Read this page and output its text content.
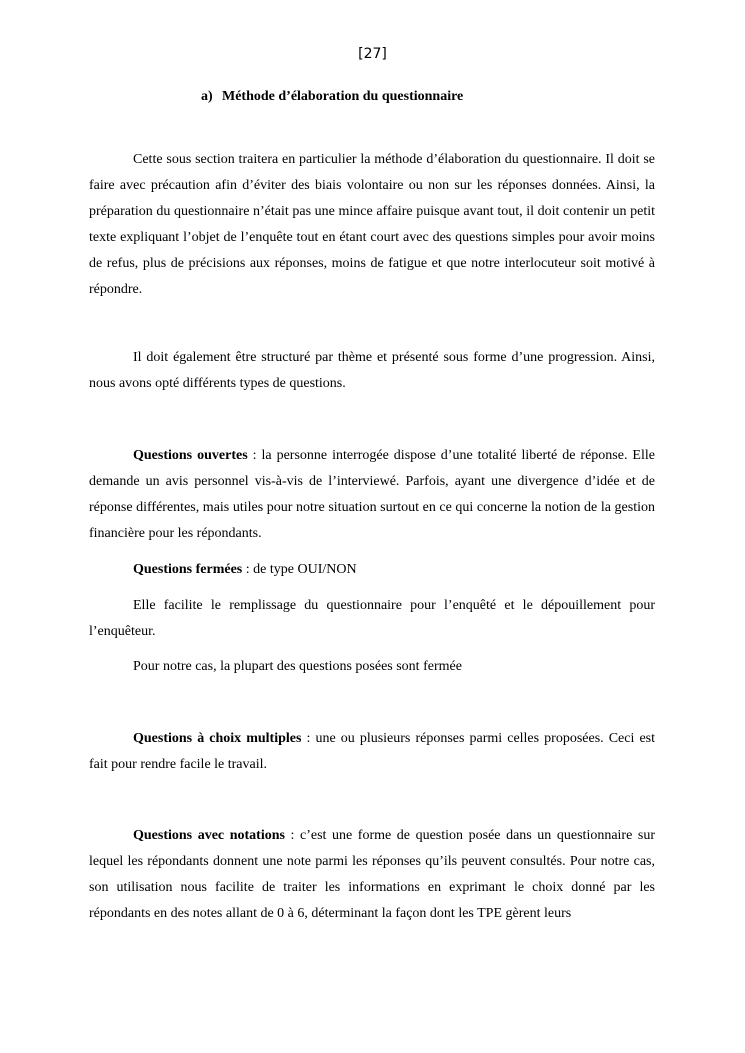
[27]
a) Méthode d’élaboration du questionnaire

Cette sous section traitera en particulier la méthode d’élaboration du questionnaire. Il doit se faire avec précaution afin d’éviter des biais volontaire ou non sur les réponses données. Ainsi, la préparation du questionnaire n’était pas une mince affaire puisque avant tout, il doit contenir un petit texte expliquant l’objet de l’enquête tout en étant court avec des questions simples pour avoir moins de refus, plus de précisions aux réponses, moins de fatigue et que notre interlocuteur soit motivé à répondre.

Il doit également être structuré par thème et présenté sous forme d’une progression. Ainsi, nous avons opté différents types de questions.

Questions ouvertes : la personne interrogée dispose d’une totalité liberté de réponse. Elle demande un avis personnel vis-à-vis de l’interviewé. Parfois, ayant une divergence d’idée et de réponse différentes, mais utiles pour notre situation surtout en ce qui concerne la notion de la gestion financière pour les répondants.

Questions fermées : de type OUI/NON

Elle facilite le remplissage du questionnaire pour l’enquêté et le dépouillement pour l’enquêteur.

Pour notre cas, la plupart des questions posées sont fermée

Questions à choix multiples : une ou plusieurs réponses parmi celles proposées. Ceci est fait pour rendre facile le travail.

Questions avec notations : c’est une forme de question posée dans un questionnaire sur lequel les répondants donnent une note parmi les réponses qu’ils peuvent consultés. Pour notre cas, son utilisation nous facilite de traiter les informations en exprimant le choix donné par les répondants en des notes allant de 0 à 6, déterminant la façon dont les TPE gèrent leurs
